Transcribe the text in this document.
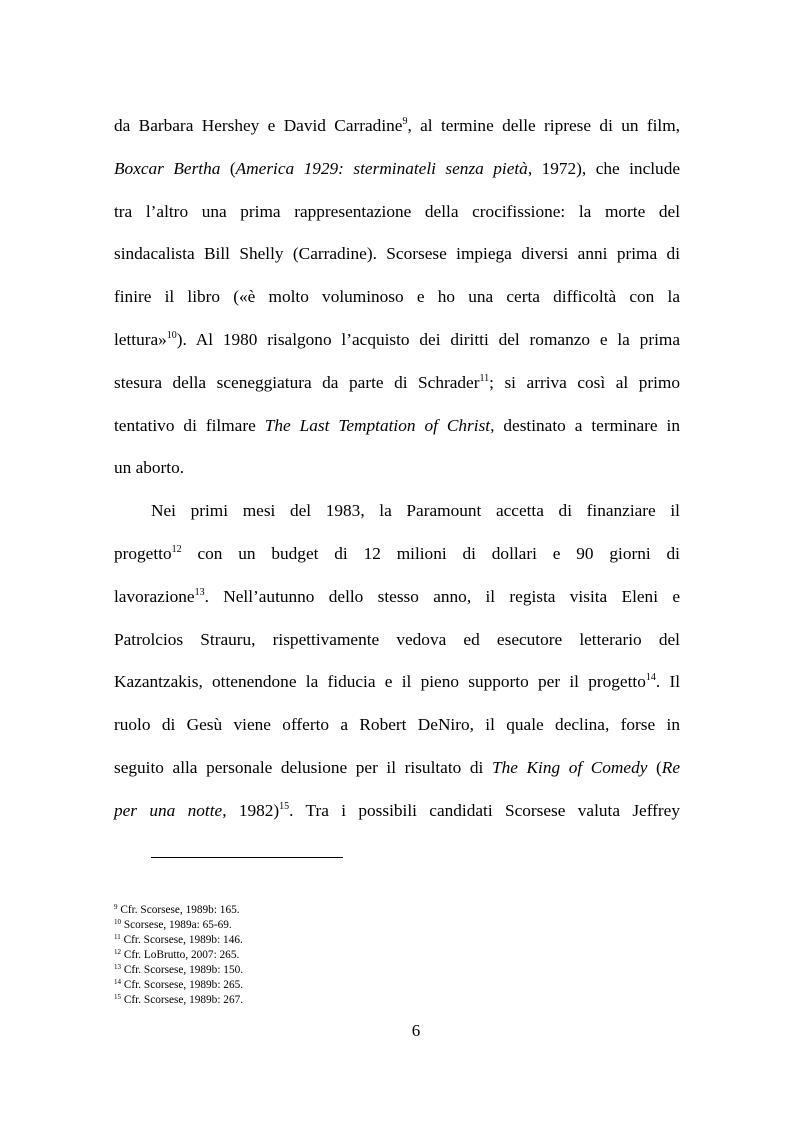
da Barbara Hershey e David Carradine$^9$, al termine delle riprese di un film,
Boxcar Bertha (America 1929: sterminateli senza pietà, 1972), che include
tra l’altro una prima rappresentazione della crocifissione: la morte del
sindacalista Bill Shelly (Carradine). Scorsese impiega diversi anni prima di
finire il libro («è molto voluminoso e ho una certa difficoltà con la
lettura»$^{10}$). Al 1980 risalgono l’acquisto dei diritti del romanzo e la prima
stesura della sceneggiatura da parte di Schrader$^{11}$; si arriva così al primo
tentativo di filmare The Last Temptation of Christ, destinato a terminare in
un aborto.
Nei primi mesi del 1983, la Paramount accetta di finanziare il
progetto$^{12}$ con un budget di 12 milioni di dollari e 90 giorni di
lavorazione$^{13}$. Nell’autunno dello stesso anno, il regista visita Eleni e
Patrolcios Strauru, rispettivamente vedova ed esecutore letterario del
Kazantzakis, ottenendone la fiducia e il pieno supporto per il progetto$^{14}$. Il
ruolo di Gesù viene offerto a Robert DeNiro, il quale declina, forse in
seguito alla personale delusione per il risultato di The King of Comedy (Re
per una notte, 1982)$^{15}$. Tra i possibili candidati Scorsese valuta Jeffrey
$^9$ Cfr. Scorsese, 1989b: 165.
$^{10}$ Scorsese, 1989a: 65-69.
$^{11}$ Cfr. Scorsese, 1989b: 146.
$^{12}$ Cfr. LoBrutto, 2007: 265.
$^{13}$ Cfr. Scorsese, 1989b: 150.
$^{14}$ Cfr. Scorsese, 1989b: 265.
$^{15}$ Cfr. Scorsese, 1989b: 267.
6
